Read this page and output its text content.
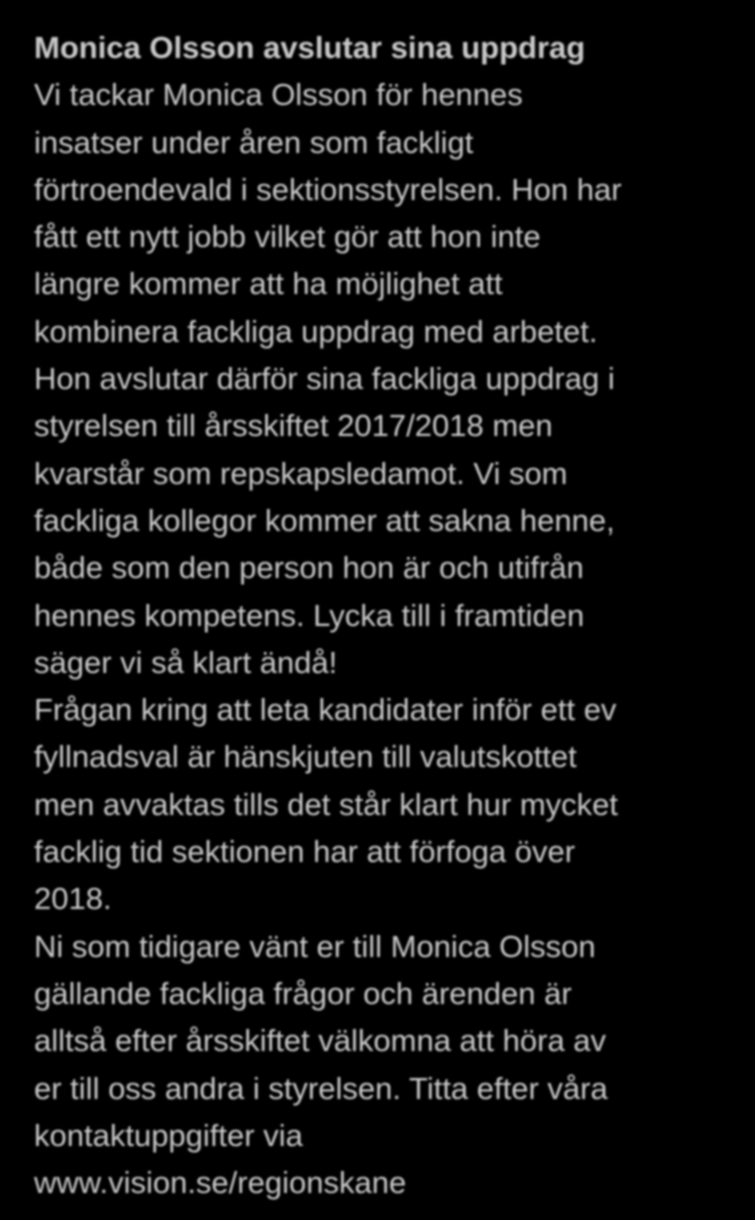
Monica Olsson avslutar sina uppdrag

Vi tackar Monica Olsson för hennes
insatser under åren som fackligt
förtroendevald i sektionsstyrelsen. Hon har
fått ett nytt jobb vilket gör att hon inte
längre kommer att ha möjlighet att
kombinera fackliga uppdrag med arbetet.
Hon avslutar därför sina fackliga uppdrag i
styrelsen till årsskiftet 2017/2018 men
kvarstår som repskapsledamot. Vi som
fackliga kollegor kommer att sakna henne,
både som den person hon är och utifrån
hennes kompetens. Lycka till i framtiden
säger vi så klart ändå!

Frågan kring att leta kandidater inför ett ev
fyllnadsval är hänskjuten till valutskottet
men avvaktas tills det står klart hur mycket
facklig tid sektionen har att förfoga över
2018.

Ni som tidigare vänt er till Monica Olsson
gällande fackliga frågor och ärenden är
alltså efter årsskiftet välkomna att höra av
er till oss andra i styrelsen. Titta efter våra
kontaktuppgifter via
www.vision.se/regionskane
